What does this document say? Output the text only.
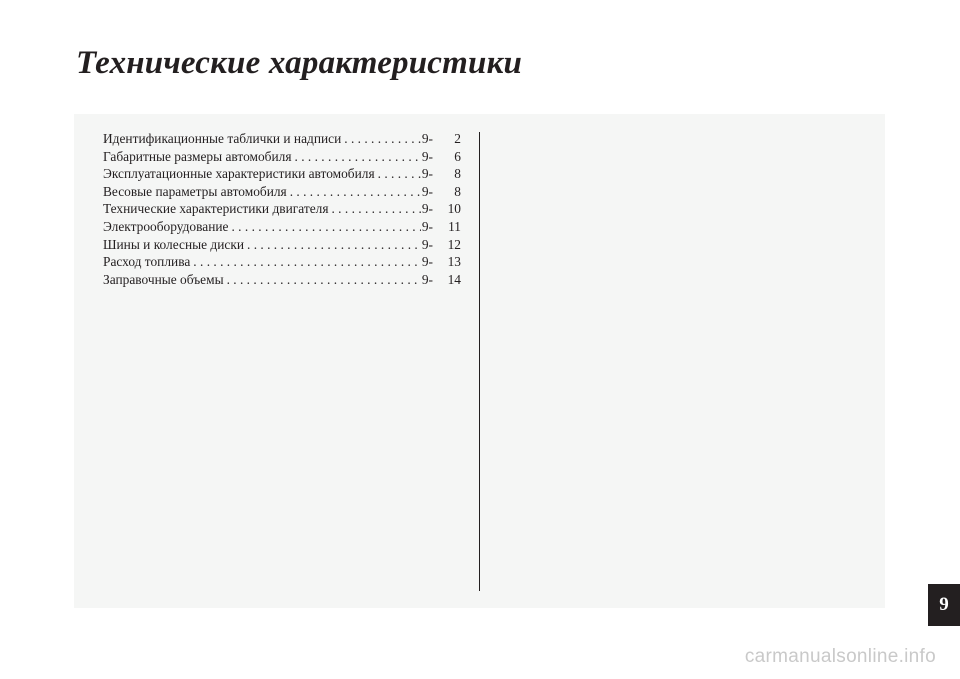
Технические характеристики
Идентификационные таблички и надписи . . .	9-	2
Габаритные размеры автомобиля . . .	9-	6
Эксплуатационные характеристики автомобиля . . .	9-	8
Весовые параметры автомобиля . . .	9-	8
Технические характеристики двигателя . . .	9-	10
Электрооборудование . . .	9-	11
Шины и колесные диски . . .	9-	12
Расход топлива . . .	9-	13
Заправочные объемы . . .	9-	14
9
carmanualsonline.info
